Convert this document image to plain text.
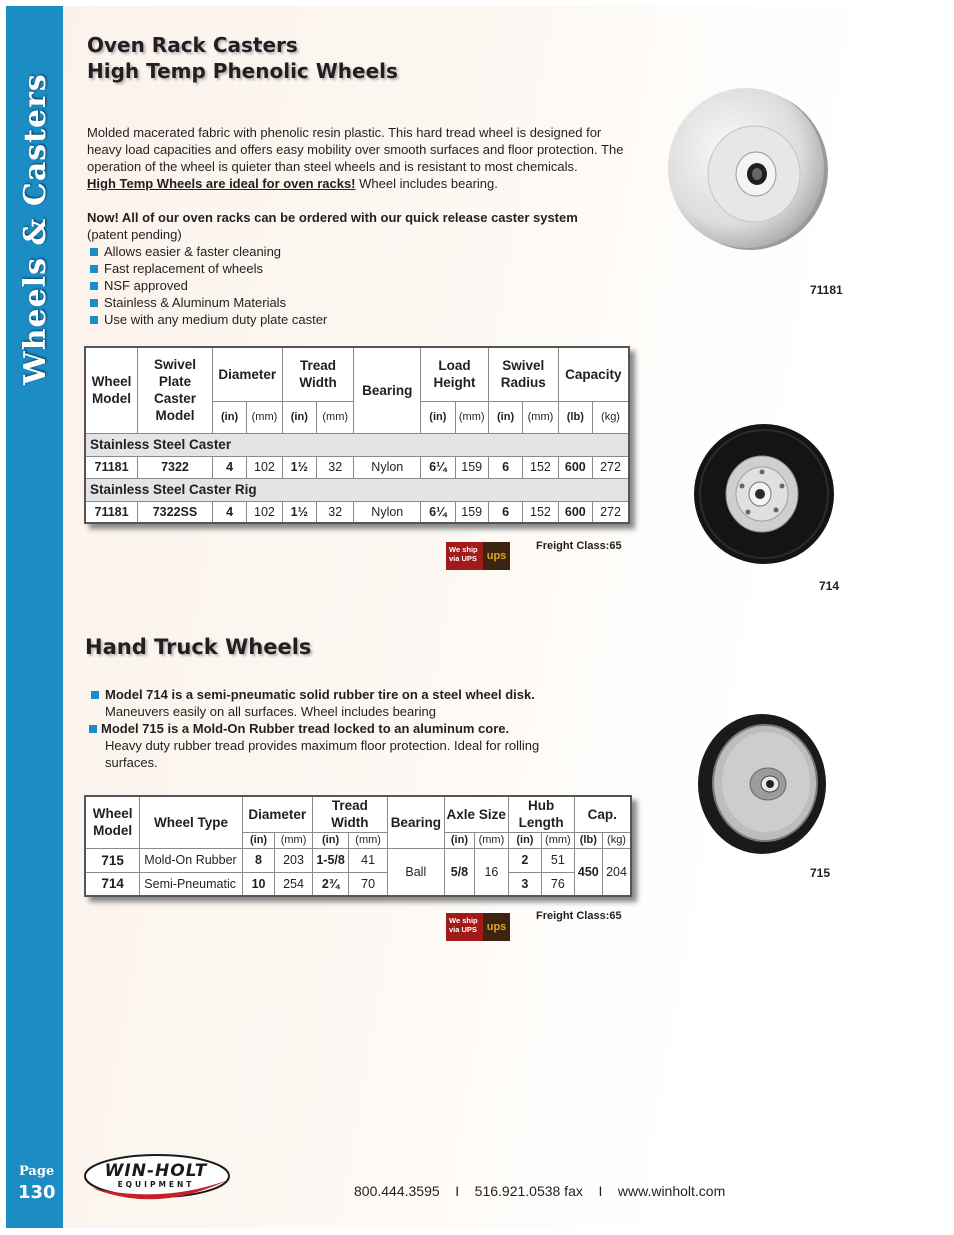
Wheels & Casters
Page
130
Oven Rack Casters
High Temp Phenolic Wheels

Molded macerated fabric with phenolic resin plastic. This hard tread wheel is designed for heavy load capacities and offers easy mobility over smooth surfaces and floor protection. The operation of the wheel is quieter than steel wheels and is resistant to most chemicals.
High Temp Wheels are ideal for oven racks! Wheel includes bearing.

Now! All of our oven racks can be ordered with our quick release caster system
(patent pending)

Allows easier & faster cleaning
Fast replacement of wheels
NSF approved
Stainless & Aluminum Materials
Use with any medium duty plate caster
71181
Wheel Model	Swivel Plate Caster Model	Diameter		Tread Width		Bearing	Load Height		Swivel Radius		Capacity	
		(in)	(mm)	(in)	(mm)		(in)	(mm)	(in)	(mm)	(lb)	(kg)
Stainless Steel Caster												
71181	7322	4	102	1½	32	Nylon	6¼	159	6	152	600	272
Stainless Steel Caster Rig												
71181	7322SS	4	102	1½	32	Nylon	6¼	159	6	152	600	272
We ship via UPS ups
Freight Class:65
714
Hand Truck Wheels

Model 714 is a semi-pneumatic solid rubber tire on a steel wheel disk.
Maneuvers easily on all surfaces. Wheel includes bearing

Model 715 is a Mold-On Rubber tread locked to an aluminum core.
Heavy duty rubber tread provides maximum floor protection. Ideal for rolling surfaces.

715
Wheel Model	Wheel Type	Diameter		Tread Width		Bearing	Axle Size		Hub Length		Cap.	
		(in)	(mm)	(in)	(mm)		(in)	(mm)	(in)	(mm)	(lb)	(kg)
715	Mold-On Rubber	8	203	1-5/8	41	Ball	5/8	16	2	51	450	204
714	Semi-Pneumatic	10	254	2¾	70				3	76		
We ship via UPS ups
Freight Class:65
WIN-HOLT
EQUIPMENT	800.444.3595 I 516.921.0538 fax I www.winholt.com
